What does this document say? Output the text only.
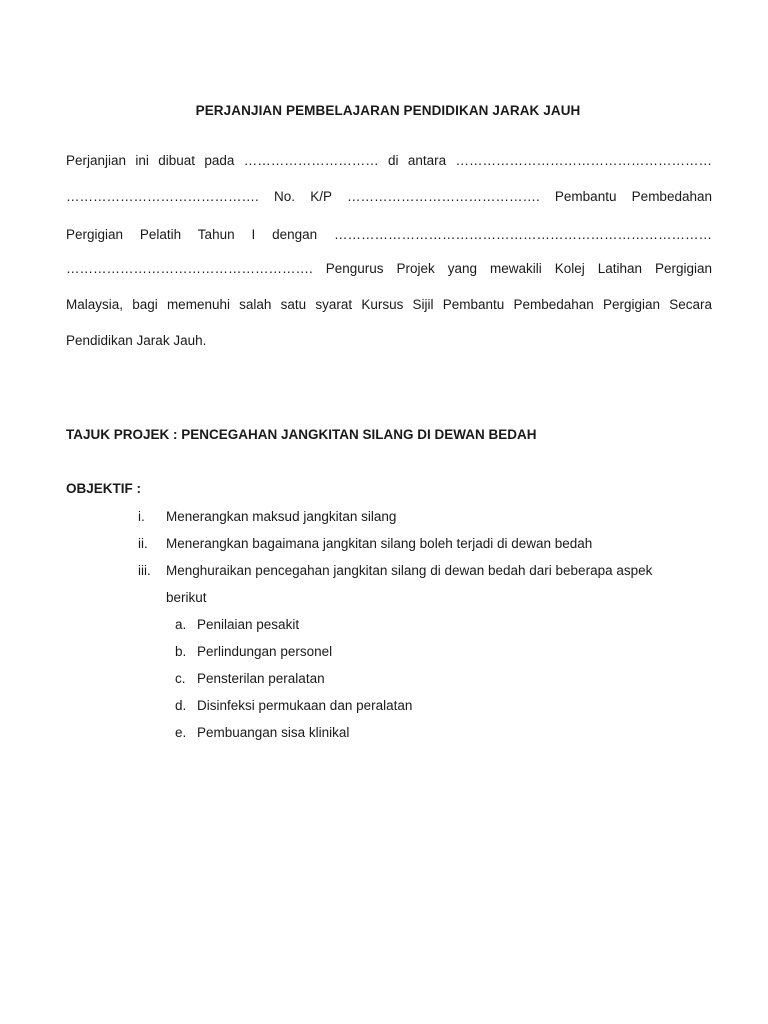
PERJANJIAN PEMBELAJARAN PENDIDIKAN JARAK JAUH
Perjanjian ini dibuat pada ………………………… di antara …………………………………………………
……………………………………. No. K/P ……………………………………. Pembantu Pembedahan
Pergigian Pelatih Tahun I dengan …………………………………………………………………………
………………………………………………. Pengurus Projek yang mewakili Kolej Latihan Pergigian
Malaysia, bagi memenuhi salah satu syarat Kursus Sijil Pembantu Pembedahan Pergigian Secara
Pendidikan Jarak Jauh.
TAJUK PROJEK : PENCEGAHAN JANGKITAN SILANG DI DEWAN BEDAH
OBJEKTIF :
i. Menerangkan maksud jangkitan silang
ii. Menerangkan bagaimana jangkitan silang boleh terjadi di dewan bedah
iii. Menghuraikan pencegahan jangkitan silang di dewan bedah dari beberapa aspek
berikut
a. Penilaian pesakit
b. Perlindungan personel
c. Pensterilan peralatan
d. Disinfeksi permukaan dan peralatan
e. Pembuangan sisa klinikal
